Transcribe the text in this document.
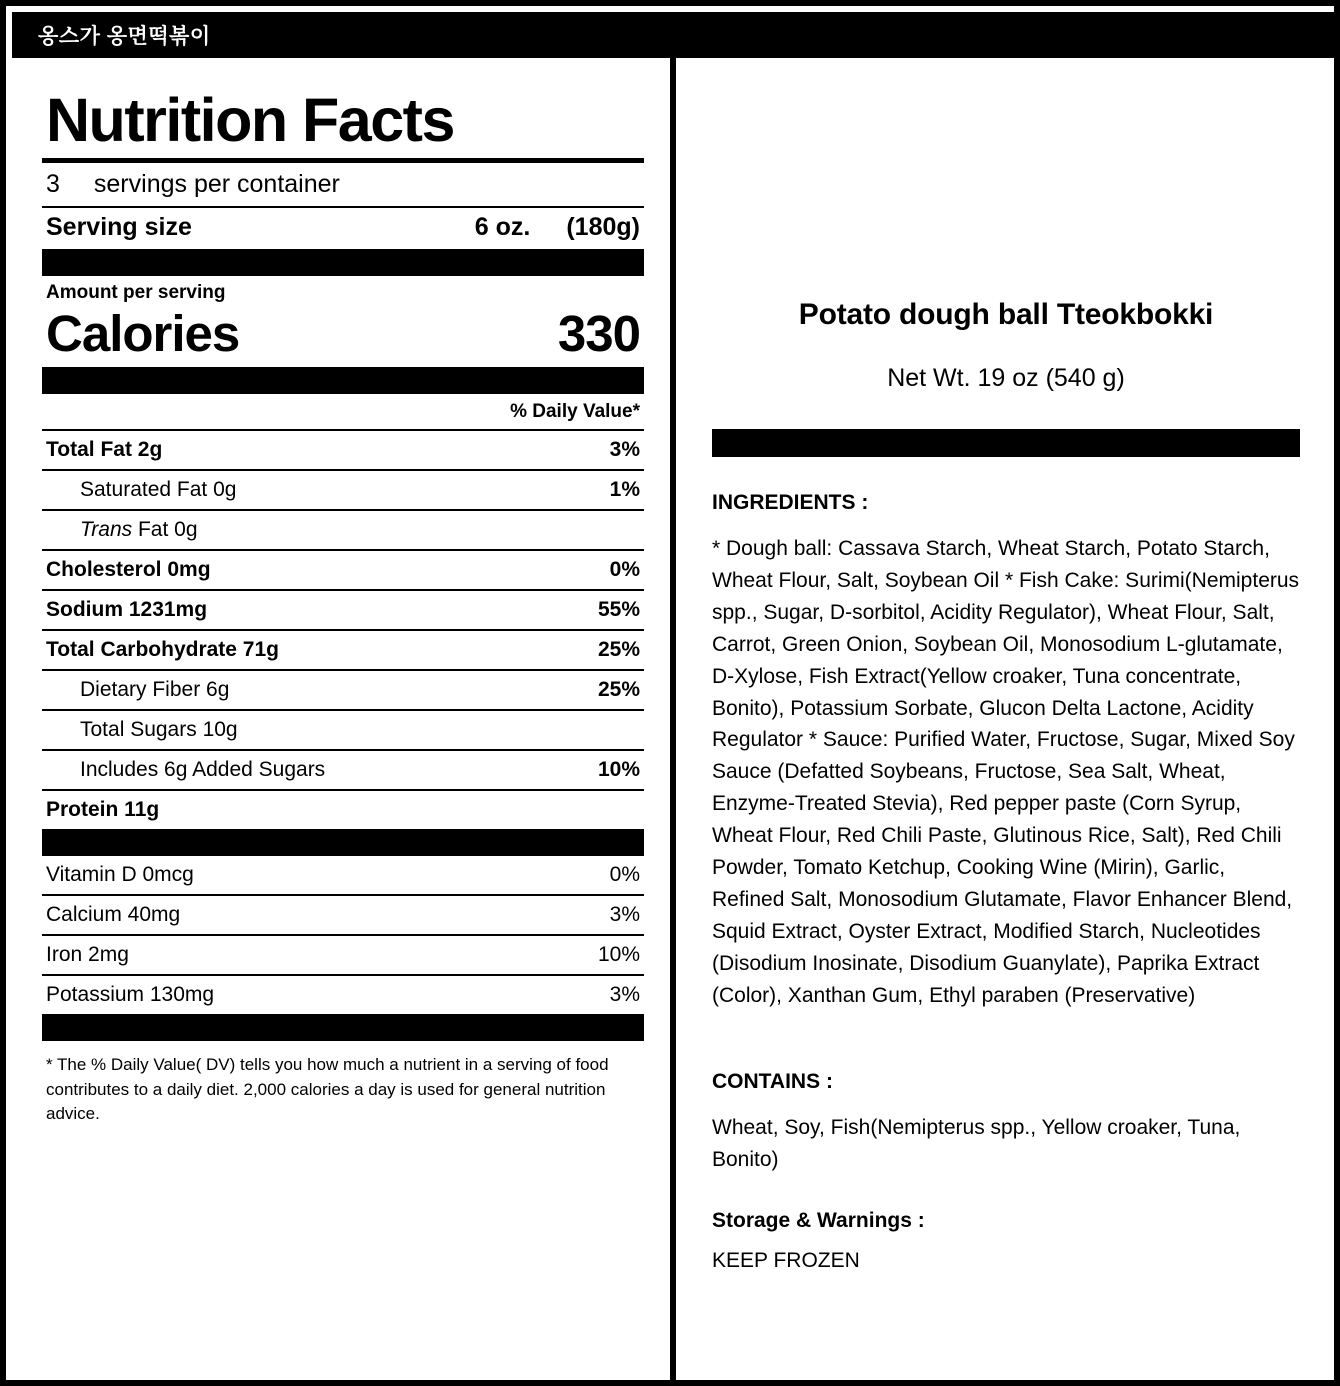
옹스가 옹면떡볶이
Nutrition Facts
3 servings per container
Serving size	6 oz. (180g)
Amount per serving
Calories	330
% Daily Value*
Total Fat 2g	3%
Saturated Fat 0g	1%
Trans Fat 0g
Cholesterol 0mg	0%
Sodium 1231mg	55%
Total Carbohydrate 71g	25%
Dietary Fiber 6g	25%
Total Sugars 10g
Includes 6g Added Sugars	10%
Protein 11g
Vitamin D 0mcg	0%
Calcium 40mg	3%
Iron 2mg	10%
Potassium 130mg	3%
* The % Daily Value( DV) tells you how much a nutrient in a serving of food contributes to a daily diet. 2,000 calories a day is used for general nutrition advice.
Potato dough ball Tteokbokki
Net Wt. 19 oz (540 g)
INGREDIENTS :
* Dough ball: Cassava Starch, Wheat Starch, Potato Starch, Wheat Flour, Salt, Soybean Oil * Fish Cake: Surimi(Nemipterus spp., Sugar, D-sorbitol, Acidity Regulator), Wheat Flour, Salt, Carrot, Green Onion, Soybean Oil, Monosodium L-glutamate, D-Xylose, Fish Extract(Yellow croaker, Tuna concentrate, Bonito), Potassium Sorbate, Glucon Delta Lactone, Acidity Regulator * Sauce: Purified Water, Fructose, Sugar, Mixed Soy Sauce (Defatted Soybeans, Fructose, Sea Salt, Wheat, Enzyme-Treated Stevia), Red pepper paste (Corn Syrup, Wheat Flour, Red Chili Paste, Glutinous Rice, Salt), Red Chili Powder, Tomato Ketchup, Cooking Wine (Mirin), Garlic, Refined Salt, Monosodium Glutamate, Flavor Enhancer Blend, Squid Extract, Oyster Extract, Modified Starch, Nucleotides (Disodium Inosinate, Disodium Guanylate), Paprika Extract (Color), Xanthan Gum, Ethyl paraben (Preservative)
CONTAINS :
Wheat, Soy, Fish(Nemipterus spp., Yellow croaker, Tuna, Bonito)
Storage & Warnings :
KEEP FROZEN
